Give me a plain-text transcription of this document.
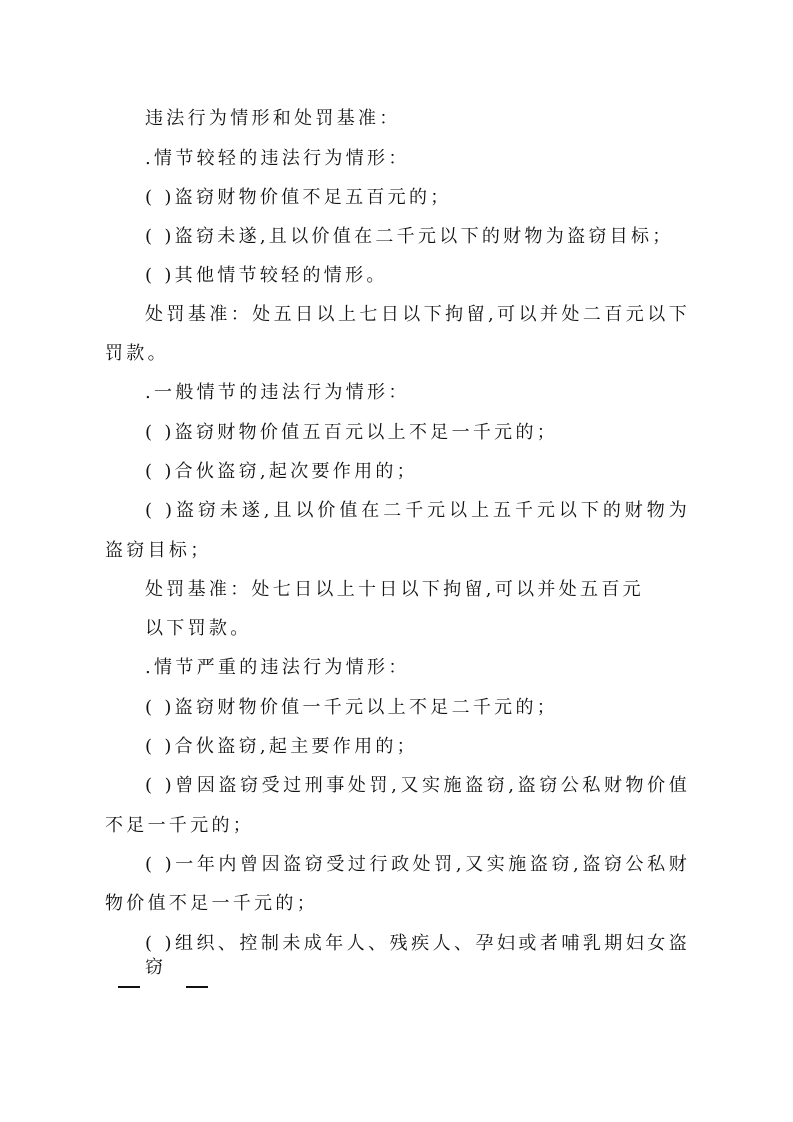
违法行为情形和处罚基准：
.情节较轻的违法行为情形：
( )盗窃财物价值不足五百元的；
( )盗窃未遂,且以价值在二千元以下的财物为盗窃目标；
( )其他情节较轻的情形。
处罚基准：处五日以上七日以下拘留,可以并处二百元以下
罚款。
.一般情节的违法行为情形：
( )盗窃财物价值五百元以上不足一千元的；
( )合伙盗窃,起次要作用的；
( )盗窃未遂,且以价值在二千元以上五千元以下的财物为
盗窃目标；
处罚基准：处七日以上十日以下拘留,可以并处五百元
以下罚款。
.情节严重的违法行为情形：
( )盗窃财物价值一千元以上不足二千元的；
( )合伙盗窃,起主要作用的；
( )曾因盗窃受过刑事处罚,又实施盗窃,盗窃公私财物价值
不足一千元的；
( )一年内曾因盗窃受过行政处罚,又实施盗窃,盗窃公私财
物价值不足一千元的；
( )组织、控制未成年人、残疾人、孕妇或者哺乳期妇女盗窃
